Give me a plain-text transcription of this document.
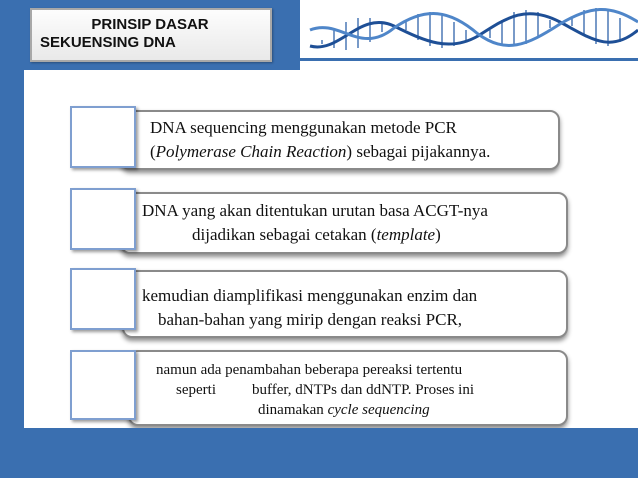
PRINSIP DASAR
SEKUENSING DNA
DNA sequencing menggunakan metode PCR
(Polymerase Chain Reaction) sebagai pijakannya.
DNA yang akan ditentukan urutan basa ACGT-nya
dijadikan sebagai cetakan (template)
kemudian diamplifikasi menggunakan enzim dan
bahan-bahan yang mirip dengan reaksi PCR,
namun ada penambahan beberapa pereaksi tertentu
seperti buffer, dNTPs dan ddNTP. Proses ini
dinamakan cycle sequencing
